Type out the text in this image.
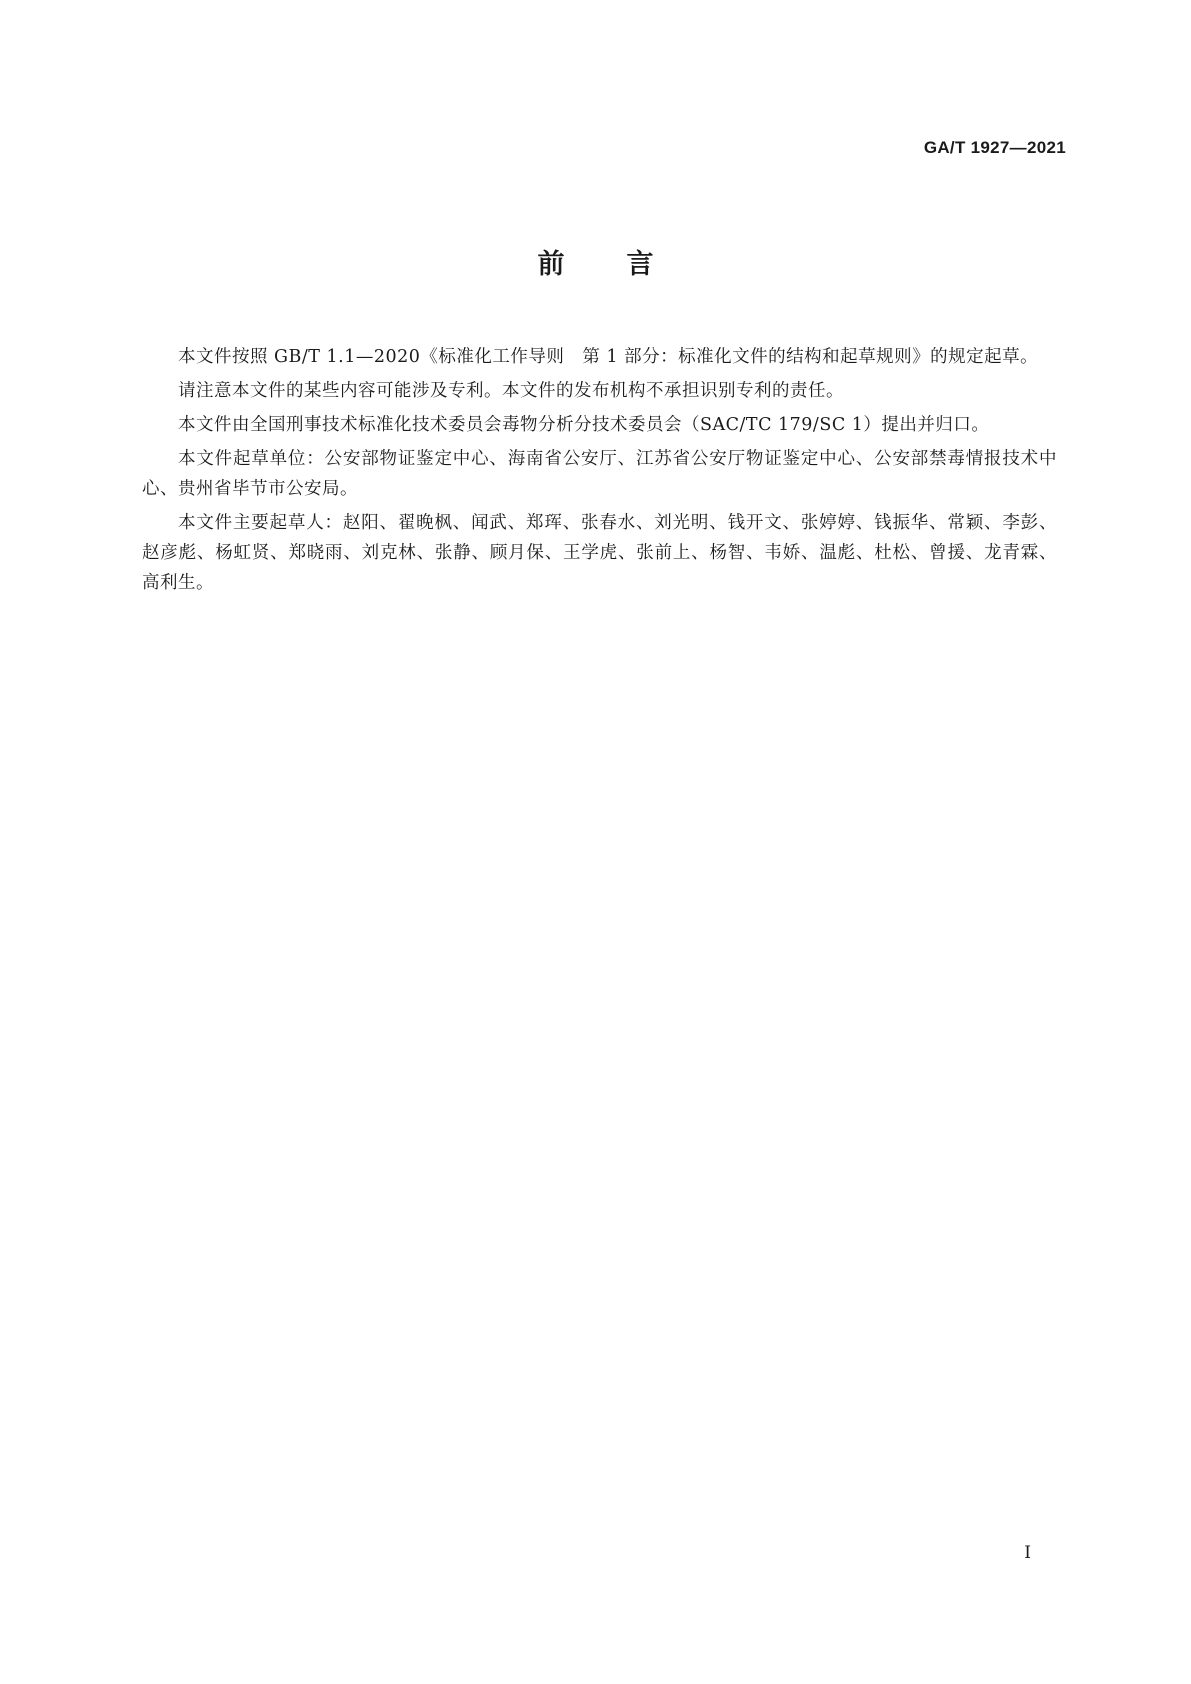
GA/T 1927—2021
前言

本文件按照 GB/T 1.1—2020《标准化工作导则　第 1 部分：标准化文件的结构和起草规则》的规定起草。

请注意本文件的某些内容可能涉及专利。本文件的发布机构不承担识别专利的责任。

本文件由全国刑事技术标准化技术委员会毒物分析分技术委员会（SAC/TC 179/SC 1）提出并归口。

本文件起草单位：公安部物证鉴定中心、海南省公安厅、江苏省公安厅物证鉴定中心、公安部禁毒情报技术中心、贵州省毕节市公安局。

本文件主要起草人：赵阳、翟晚枫、闻武、郑珲、张春水、刘光明、钱开文、张婷婷、钱振华、常颖、李彭、赵彦彪、杨虹贤、郑晓雨、刘克林、张静、顾月保、王学虎、张前上、杨智、韦娇、温彪、杜松、曾援、龙青霖、高利生。

I
